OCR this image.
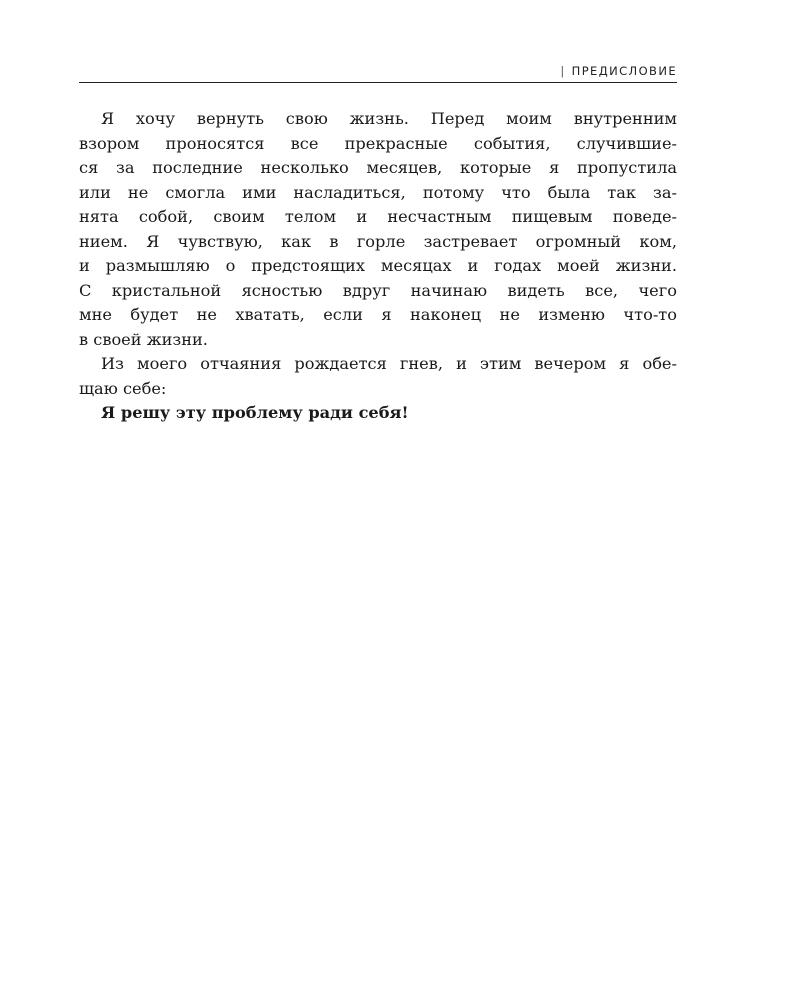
| ПРЕДИСЛОВИЕ
Я хочу вернуть свою жизнь. Перед моим внутренним
взором проносятся все прекрасные события, случившие-
ся за последние несколько месяцев, которые я пропустила
или не смогла ими насладиться, потому что была так за-
нята собой, своим телом и несчастным пищевым поведе-
нием. Я чувствую, как в горле застревает огромный ком,
и размышляю о предстоящих месяцах и годах моей жизни.
С кристальной ясностью вдруг начинаю видеть все, чего
мне будет не хватать, если я наконец не изменю что-то
в своей жизни.
Из моего отчаяния рождается гнев, и этим вечером я обе-
щаю себе:
Я решу эту проблему ради себя!
